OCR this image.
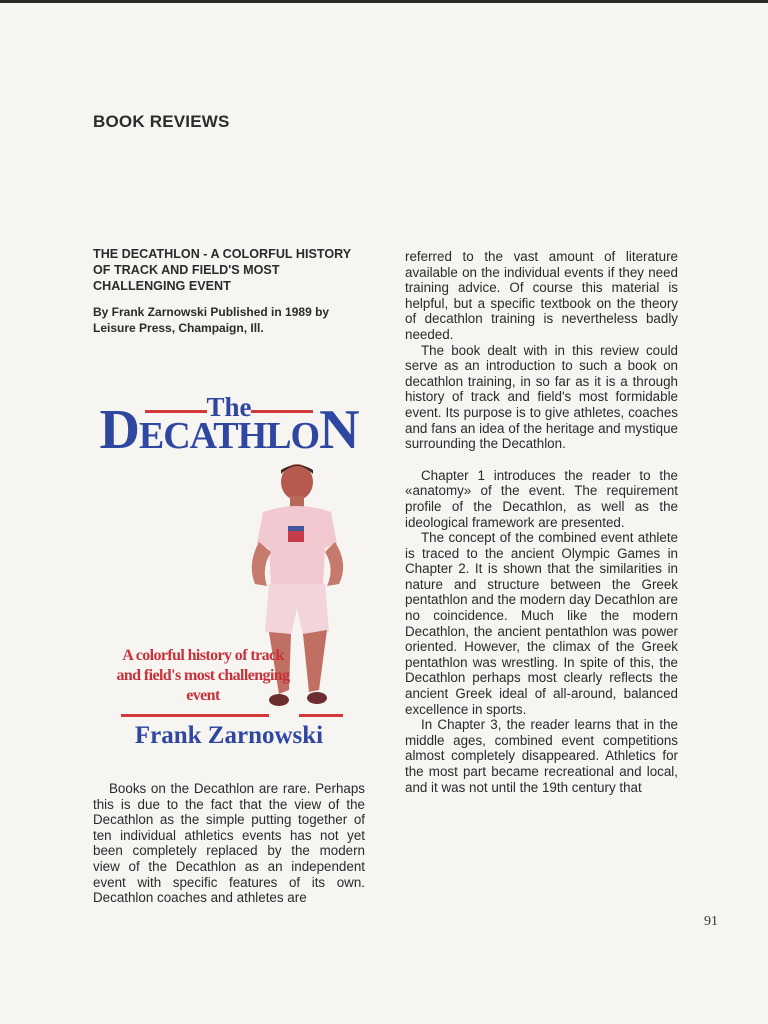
BOOK REVIEWS
THE DECATHLON - A COLORFUL HISTORY OF TRACK AND FIELD'S MOST CHALLENGING EVENT
By Frank Zarnowski Published in 1989 by Leisure Press, Champaign, Ill.
The
DECATHLON
A colorful history of track and field's most challenging event
Frank Zarnowski

Books on the Decathlon are rare. Perhaps this is due to the fact that the view of the Decathlon as the simple putting together of ten individual athletics events has not yet been completely replaced by the modern view of the Decathlon as an independent event with specific features of its own. Decathlon coaches and athletes are

referred to the vast amount of literature available on the individual events if they need training advice. Of course this material is helpful, but a specific textbook on the theory of decathlon training is nevertheless badly needed.

The book dealt with in this review could serve as an introduction to such a book on decathlon training, in so far as it is a through history of track and field's most formidable event. Its purpose is to give athletes, coaches and fans an idea of the heritage and mystique surrounding the Decathlon.

Chapter 1 introduces the reader to the «anatomy» of the event. The requirement profile of the Decathlon, as well as the ideological framework are presented.

The concept of the combined event athlete is traced to the ancient Olympic Games in Chapter 2. It is shown that the similarities in nature and structure between the Greek pentathlon and the modern day Decathlon are no coincidence. Much like the modern Decathlon, the ancient pentathlon was power oriented. However, the climax of the Greek pentathlon was wrestling. In spite of this, the Decathlon perhaps most clearly reflects the ancient Greek ideal of all-around, balanced excellence in sports.

In Chapter 3, the reader learns that in the middle ages, combined event competitions almost completely disappeared. Athletics for the most part became recreational and local, and it was not until the 19th century that

91
